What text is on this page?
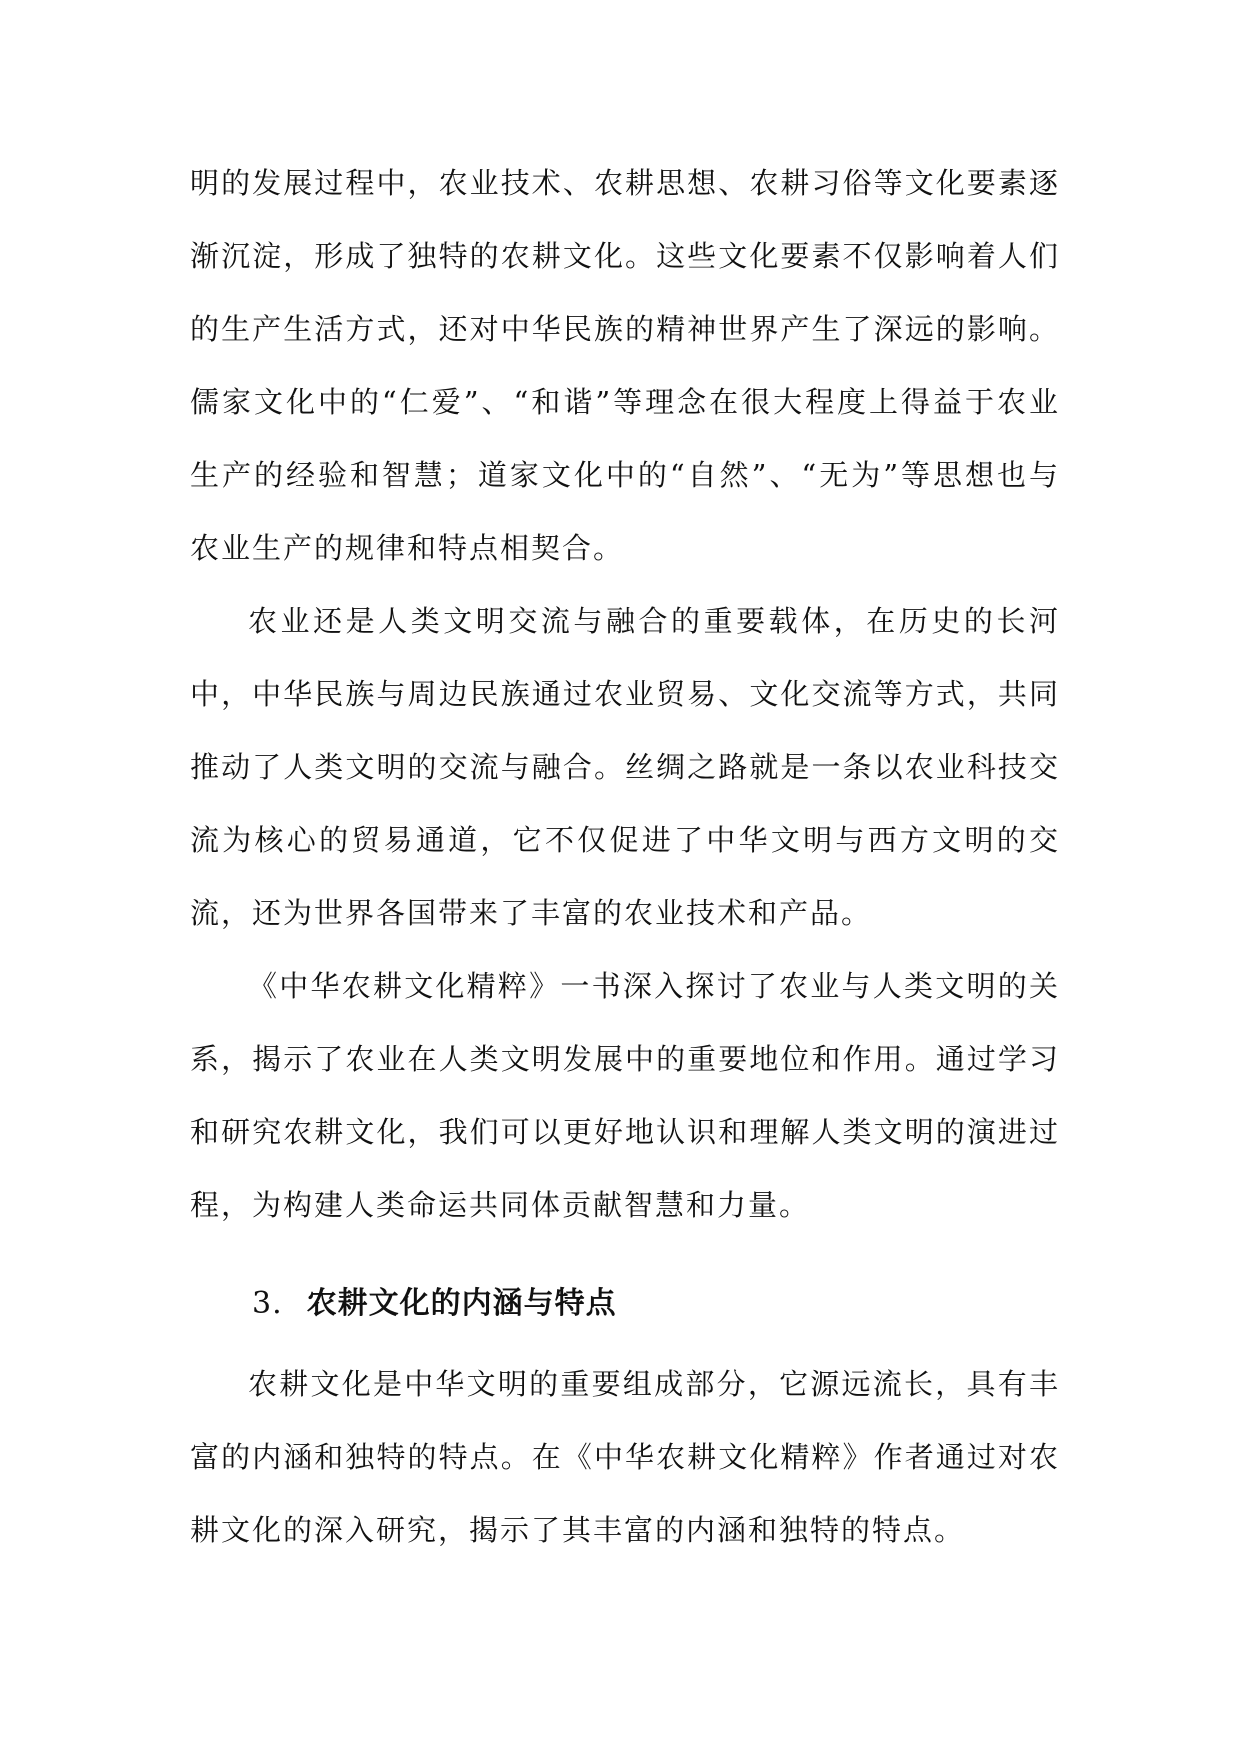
明的发展过程中，农业技术、农耕思想、农耕习俗等文化要素逐渐沉淀，形成了独特的农耕文化。这些文化要素不仅影响着人们的生产生活方式，还对中华民族的精神世界产生了深远的影响。儒家文化中的“仁爱”、“和谐”等理念在很大程度上得益于农业生产的经验和智慧；道家文化中的“自然”、“无为”等思想也与农业生产的规律和特点相契合。

农业还是人类文明交流与融合的重要载体，在历史的长河中，中华民族与周边民族通过农业贸易、文化交流等方式，共同推动了人类文明的交流与融合。丝绸之路就是一条以农业科技交流为核心的贸易通道，它不仅促进了中华文明与西方文明的交流，还为世界各国带来了丰富的农业技术和产品。

《中华农耕文化精粹》一书深入探讨了农业与人类文明的关系，揭示了农业在人类文明发展中的重要地位和作用。通过学习和研究农耕文化，我们可以更好地认识和理解人类文明的演进过程，为构建人类命运共同体贡献智慧和力量。

3. 农耕文化的内涵与特点

农耕文化是中华文明的重要组成部分，它源远流长，具有丰富的内涵和独特的特点。在《中华农耕文化精粹》作者通过对农耕文化的深入研究，揭示了其丰富的内涵和独特的特点。
